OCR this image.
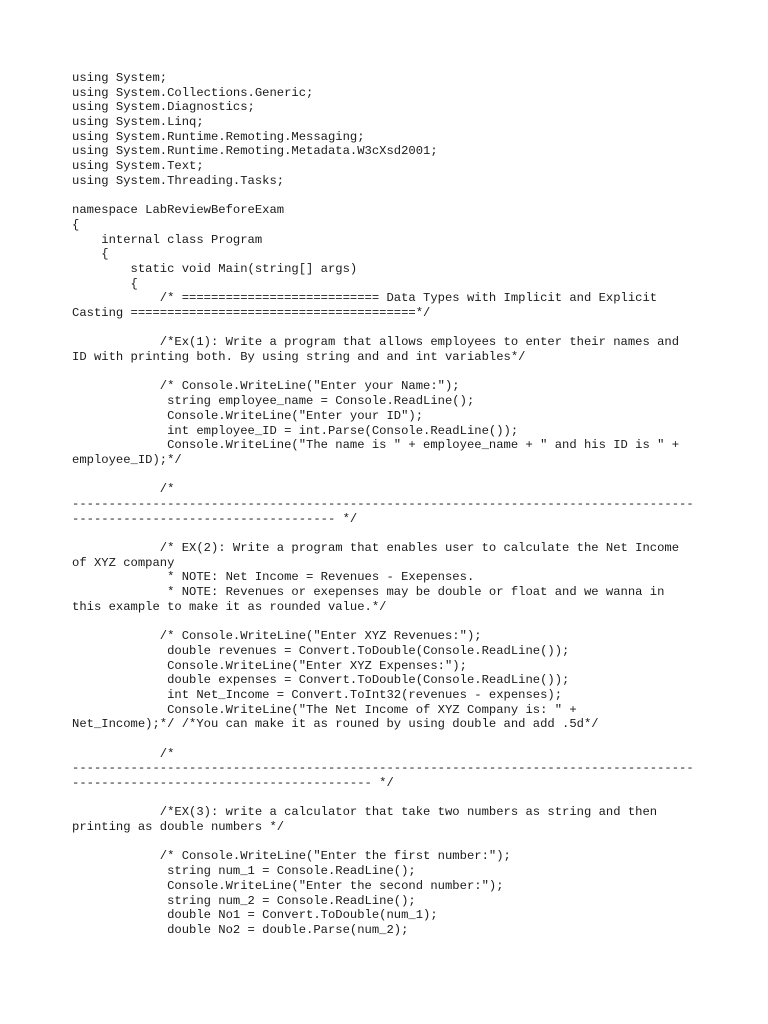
using System;
using System.Collections.Generic;
using System.Diagnostics;
using System.Linq;
using System.Runtime.Remoting.Messaging;
using System.Runtime.Remoting.Metadata.W3cXsd2001;
using System.Text;
using System.Threading.Tasks;
namespace LabReviewBeforeExam
{
internal class Program
{
static void Main(string[] args)
{
/* =========================== Data Types with Implicit and Explicit
Casting =======================================*/
/*Ex(1): Write a program that allows employees to enter their names and
ID with printing both. By using string and and int variables*/
/* Console.WriteLine("Enter your Name:");
string employee_name = Console.ReadLine();
Console.WriteLine("Enter your ID");
int employee_ID = int.Parse(Console.ReadLine());
Console.WriteLine("The name is " + employee_name + " and his ID is " +
employee_ID);*/
/*
-------------------------------------------------------------------------------------
------------------------------------ */
/* EX(2): Write a program that enables user to calculate the Net Income
of XYZ company
* NOTE: Net Income = Revenues - Exepenses.
* NOTE: Revenues or exepenses may be double or float and we wanna in
this example to make it as rounded value.*/
/* Console.WriteLine("Enter XYZ Revenues:");
double revenues = Convert.ToDouble(Console.ReadLine());
Console.WriteLine("Enter XYZ Expenses:");
double expenses = Convert.ToDouble(Console.ReadLine());
int Net_Income = Convert.ToInt32(revenues - expenses);
Console.WriteLine("The Net Income of XYZ Company is: " +
Net_Income);*/ /*You can make it as rouned by using double and add .5d*/
/*
-------------------------------------------------------------------------------------
----------------------------------------- */
/*EX(3): write a calculator that take two numbers as string and then
printing as double numbers */
/* Console.WriteLine("Enter the first number:");
string num_1 = Console.ReadLine();
Console.WriteLine("Enter the second number:");
string num_2 = Console.ReadLine();
double No1 = Convert.ToDouble(num_1);
double No2 = double.Parse(num_2);
